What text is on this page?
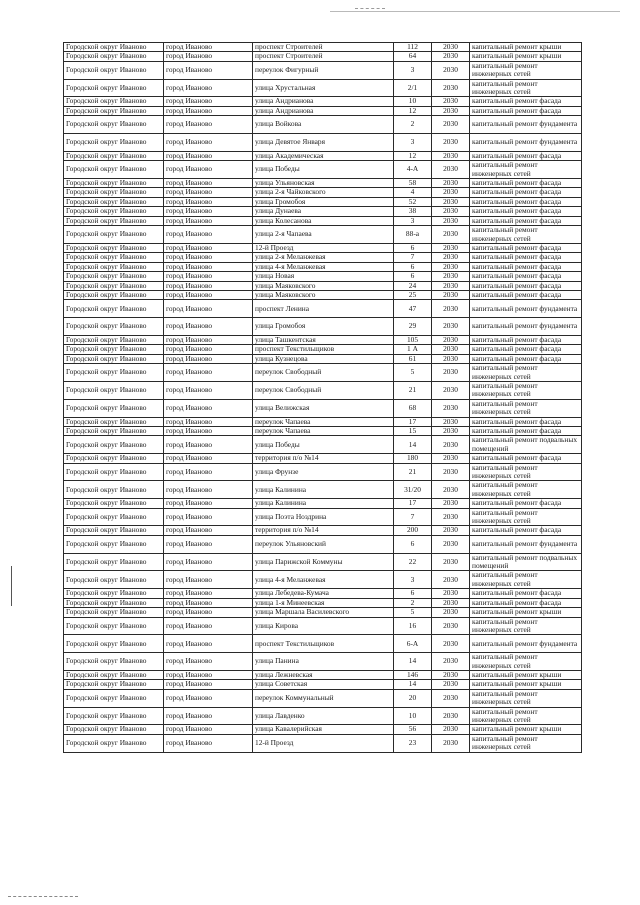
Городской округ Иваново	город Иваново	проспект Строителей	112	2030	капитальный ремонт крыши
Городской округ Иваново	город Иваново	проспект Строителей	64	2030	капитальный ремонт крыши
Городской округ Иваново	город Иваново	переулок Фигурный	3	2030	капитальный ремонт инженерных сетей
Городской округ Иваново	город Иваново	улица Хрустальная	2/1	2030	капитальный ремонт инженерных сетей
Городской округ Иваново	город Иваново	улица Андрианова	10	2030	капитальный ремонт фасада
Городской округ Иваново	город Иваново	улица Андрианова	12	2030	капитальный ремонт фасада
Городской округ Иваново	город Иваново	улица Войкова	2	2030	капитальный ремонт фундамента
Городской округ Иваново	город Иваново	улица Девятое Января	3	2030	капитальный ремонт фундамента
Городской округ Иваново	город Иваново	улица Академическая	12	2030	капитальный ремонт фасада
Городской округ Иваново	город Иваново	улица Победы	4-А	2030	капитальный ремонт инженерных сетей
Городской округ Иваново	город Иваново	улица Ульяновская	58	2030	капитальный ремонт фасада
Городской округ Иваново	город Иваново	улица 2-я Чайковского	4	2030	капитальный ремонт фасада
Городской округ Иваново	город Иваново	улица Громобоя	52	2030	капитальный ремонт фасада
Городской округ Иваново	город Иваново	улица Дунаева	38	2030	капитальный ремонт фасада
Городской округ Иваново	город Иваново	улица Колесанова	3	2030	капитальный ремонт фасада
Городской округ Иваново	город Иваново	улица 2-я Чапаева	88-а	2030	капитальный ремонт инженерных сетей
Городской округ Иваново	город Иваново	12-й Проезд	6	2030	капитальный ремонт фасада
Городской округ Иваново	город Иваново	улица 2-я Меланжевая	7	2030	капитальный ремонт фасада
Городской округ Иваново	город Иваново	улица 4-я Меланжевая	6	2030	капитальный ремонт фасада
Городской округ Иваново	город Иваново	улица Новая	6	2030	капитальный ремонт фасада
Городской округ Иваново	город Иваново	улица Маяковского	24	2030	капитальный ремонт фасада
Городской округ Иваново	город Иваново	улица Маяковского	25	2030	капитальный ремонт фасада
Городской округ Иваново	город Иваново	проспект Ленина	47	2030	капитальный ремонт фундамента
Городской округ Иваново	город Иваново	улица Громобоя	29	2030	капитальный ремонт фундамента
Городской округ Иваново	город Иваново	улица Ташкентская	105	2030	капитальный ремонт фасада
Городской округ Иваново	город Иваново	проспект Текстильщиков	1 А	2030	капитальный ремонт фасада
Городской округ Иваново	город Иваново	улица Кузнецова	61	2030	капитальный ремонт фасада
Городской округ Иваново	город Иваново	переулок Свободный	5	2030	капитальный ремонт инженерных сетей
Городской округ Иваново	город Иваново	переулок Свободный	21	2030	капитальный ремонт инженерных сетей
Городской округ Иваново	город Иваново	улица Велижская	68	2030	капитальный ремонт инженерных сетей
Городской округ Иваново	город Иваново	переулок Чапаева	17	2030	капитальный ремонт фасада
Городской округ Иваново	город Иваново	переулок Чапаева	15	2030	капитальный ремонт фасада
Городской округ Иваново	город Иваново	улица Победы	14	2030	капитальный ремонт подвальных помещений
Городской округ Иваново	город Иваново	территория п/о №14	180	2030	капитальный ремонт фасада
Городской округ Иваново	город Иваново	улица Фрунзе	21	2030	капитальный ремонт инженерных сетей
Городской округ Иваново	город Иваново	улица Калинина	31/20	2030	капитальный ремонт инженерных сетей
Городской округ Иваново	город Иваново	улица Калинина	17	2030	капитальный ремонт фасада
Городской округ Иваново	город Иваново	улица Поэта Ноздрина	7	2030	капитальный ремонт инженерных сетей
Городской округ Иваново	город Иваново	территория п/о №14	200	2030	капитальный ремонт фасада
Городской округ Иваново	город Иваново	переулок Ульяновский	6	2030	капитальный ремонт фундамента
Городской округ Иваново	город Иваново	улица Парижской Коммуны	22	2030	капитальный ремонт подвальных помещений
Городской округ Иваново	город Иваново	улица 4-я Меланжевая	3	2030	капитальный ремонт инженерных сетей
Городской округ Иваново	город Иваново	улица Лебедева-Кумача	6	2030	капитальный ремонт фасада
Городской округ Иваново	город Иваново	улица 1-я Минеевская	2	2030	капитальный ремонт фасада
Городской округ Иваново	город Иваново	улица Маршала Василевского	5	2030	капитальный ремонт крыши
Городской округ Иваново	город Иваново	улица Кирова	16	2030	капитальный ремонт инженерных сетей
Городской округ Иваново	город Иваново	проспект Текстильщиков	6-А	2030	капитальный ремонт фундамента
Городской округ Иваново	город Иваново	улица Панина	14	2030	капитальный ремонт инженерных сетей
Городской округ Иваново	город Иваново	улица Лежневская	146	2030	капитальный ремонт крыши
Городской округ Иваново	город Иваново	улица Советская	14	2030	капитальный ремонт крыши
Городской округ Иваново	город Иваново	переулок Коммунальный	20	2030	капитальный ремонт инженерных сетей
Городской округ Иваново	город Иваново	улица Лавденко	10	2030	капитальный ремонт инженерных сетей
Городской округ Иваново	город Иваново	улица Кавалерийская	56	2030	капитальный ремонт крыши
Городской округ Иваново	город Иваново	12-й Проезд	23	2030	капитальный ремонт инженерных сетей
